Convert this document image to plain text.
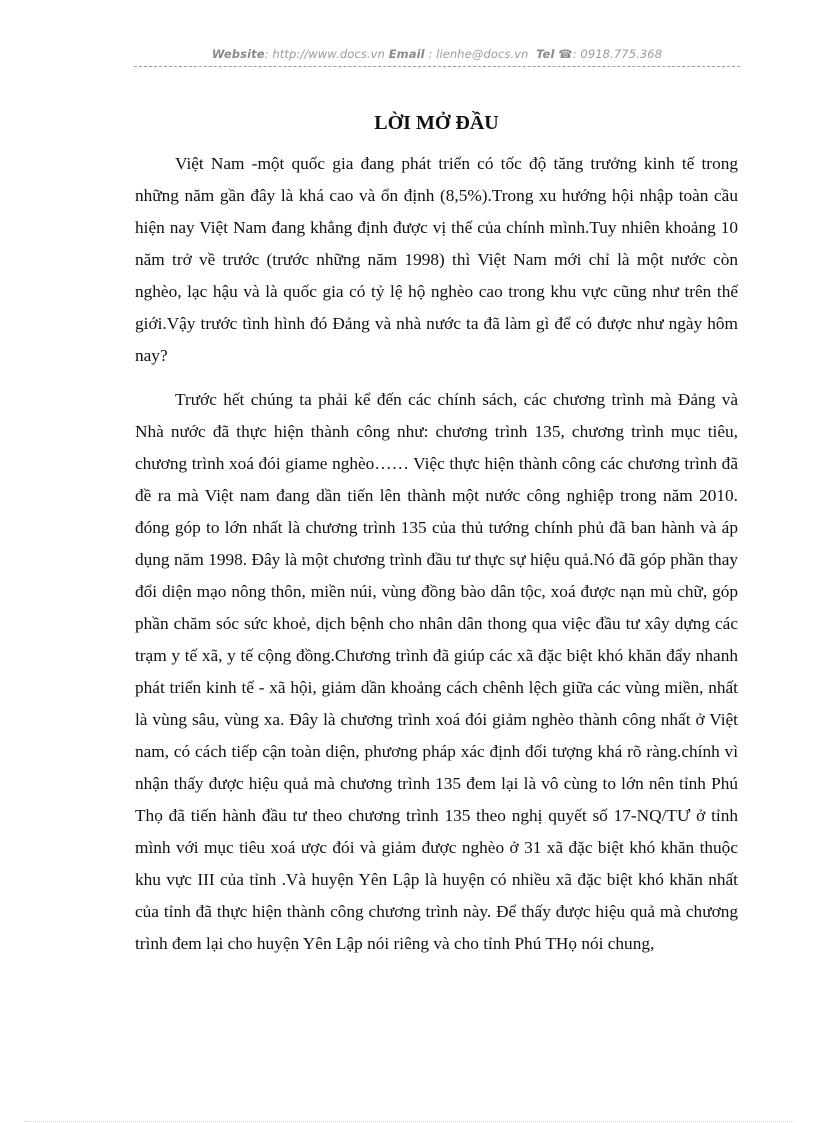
Website: http://www.docs.vn Email : lienhe@docs.vn Tel ☎: 0918.775.368
LỜI MỞ ĐẦU

Việt Nam -một quốc gia đang phát triển có tốc độ tăng trưởng kinh tế trong những năm gần đây là khá cao và ổn định (8,5%).Trong xu hướng hội nhập toàn cầu hiện nay Việt Nam đang khẳng định được vị thế của chính mình.Tuy nhiên khoảng 10 năm trở về trước (trước những năm 1998) thì Việt Nam mới chỉ là một nước còn nghèo, lạc hậu và là quốc gia có tỷ lệ hộ nghèo cao trong khu vực cũng như trên thế giới.Vậy trước tình hình đó Đảng và nhà nước ta đã làm gì để có được như ngày hôm nay?

Trước hết chúng ta phải kể đến các chính sách, các chương trình mà Đảng và Nhà nước đã thực hiện thành công như: chương trình 135, chương trình mục tiêu, chương trình xoá đói giame nghèo…… Việc thực hiện thành công các chương trình đã đề ra mà Việt nam đang dần tiến lên thành một nước công nghiệp trong năm 2010. đóng góp to lớn nhất là chương trình 135 của thủ tướng chính phủ đã ban hành và áp dụng năm 1998. Đây là một chương trình đầu tư thực sự hiệu quả.Nó đã góp phần thay đổi diện mạo nông thôn, miền núi, vùng đồng bào dân tộc, xoá được nạn mù chữ, góp phần chăm sóc sức khoẻ, dịch bệnh cho nhân dân thong qua việc đầu tư xây dựng các trạm y tế xã, y tế cộng đồng.Chương trình đã giúp các xã đặc biệt khó khăn đẩy nhanh phát triển kinh tế - xã hội, giảm dần khoảng cách chênh lệch giữa các vùng miền, nhất là vùng sâu, vùng xa. Đây là chương trình xoá đói giảm nghèo thành công nhất ở Việt nam, có cách tiếp cận toàn diện, phương pháp xác định đối tượng khá rõ ràng.chính vì nhận thấy được hiệu quả mà chương trình 135 đem lại là vô cùng to lớn nên tỉnh Phú Thọ đã tiến hành đầu tư theo chương trình 135 theo nghị quyết số 17-NQ/TƯ ở tỉnh mình với mục tiêu xoá ược đói và giảm được nghèo ở 31 xã đặc biệt khó khăn thuộc khu vực III của tỉnh .Và huyện Yên Lập là huyện có nhiều xã đặc biệt khó khăn nhất của tỉnh đã thực hiện thành công chương trình này. Để thấy được hiệu quả mà chương trình đem lại cho huyện Yên Lập nói riêng và cho tỉnh Phú THọ nói chung,
